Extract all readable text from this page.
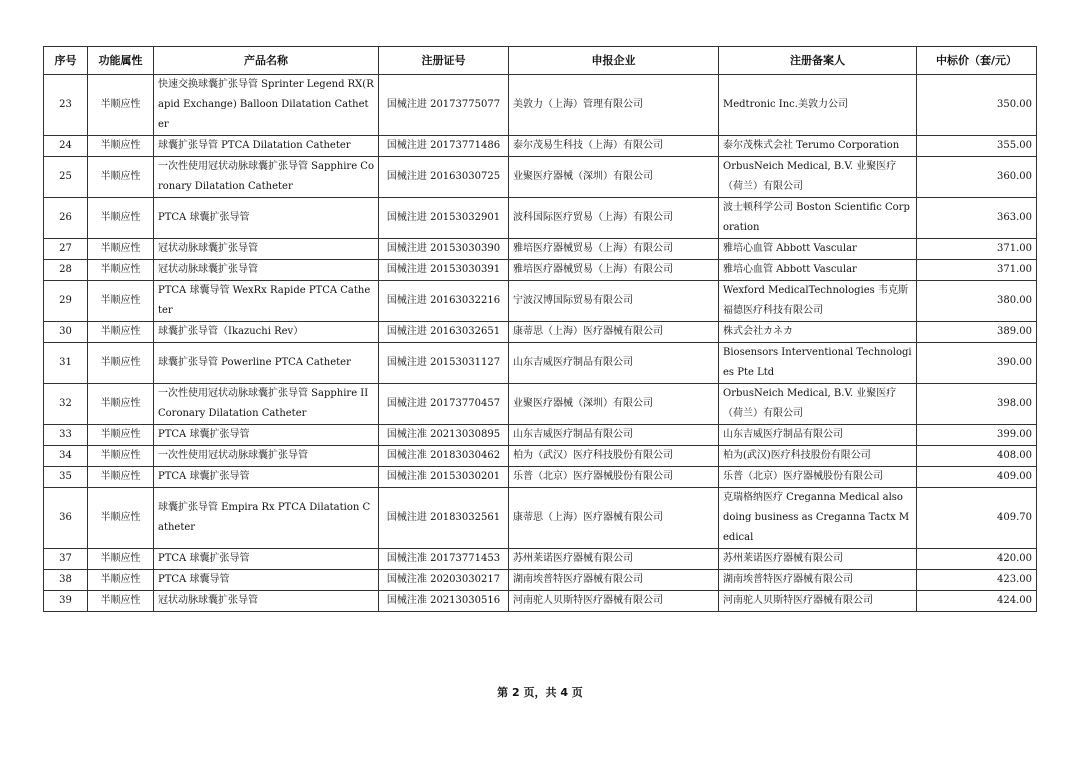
序号	功能属性	产品名称	注册证号	申报企业	注册备案人	中标价（套/元）
23	半顺应性	快速交换球囊扩张导管 Sprinter Legend RX(Rapid Exchange) Balloon Dilatation Catheter	国械注进 20173775077	美敦力（上海）管理有限公司	Medtronic Inc.美敦力公司	350.00
24	半顺应性	球囊扩张导管 PTCA Dilatation Catheter	国械注进 20173771486	泰尔茂易生科技（上海）有限公司	泰尔茂株式会社 Terumo Corporation	355.00
25	半顺应性	一次性使用冠状动脉球囊扩张导管 Sapphire Coronary Dilatation Catheter	国械注进 20163030725	业聚医疗器械（深圳）有限公司	OrbusNeich Medical, B.V. 业聚医疗（荷兰）有限公司	360.00
26	半顺应性	PTCA 球囊扩张导管	国械注进 20153032901	波科国际医疗贸易（上海）有限公司	波士顿科学公司 Boston Scientific Corporation	363.00
27	半顺应性	冠状动脉球囊扩张导管	国械注进 20153030390	雅培医疗器械贸易（上海）有限公司	雅培心血管 Abbott Vascular	371.00
28	半顺应性	冠状动脉球囊扩张导管	国械注进 20153030391	雅培医疗器械贸易（上海）有限公司	雅培心血管 Abbott Vascular	371.00
29	半顺应性	PTCA 球囊导管 WexRx Rapide PTCA Catheter	国械注进 20163032216	宁波汉博国际贸易有限公司	Wexford MedicalTechnologies 韦克斯福德医疗科技有限公司	380.00
30	半顺应性	球囊扩张导管（Ikazuchi Rev）	国械注进 20163032651	康蒂思（上海）医疗器械有限公司	株式会社カネカ	389.00
31	半顺应性	球囊扩张导管 Powerline PTCA Catheter	国械注进 20153031127	山东吉威医疗制品有限公司	Biosensors Interventional Technologies Pte Ltd	390.00
32	半顺应性	一次性使用冠状动脉球囊扩张导管 Sapphire II Coronary Dilatation Catheter	国械注进 20173770457	业聚医疗器械（深圳）有限公司	OrbusNeich Medical, B.V. 业聚医疗（荷兰）有限公司	398.00
33	半顺应性	PTCA 球囊扩张导管	国械注准 20213030895	山东吉威医疗制品有限公司	山东吉威医疗制品有限公司	399.00
34	半顺应性	一次性使用冠状动脉球囊扩张导管	国械注准 20183030462	柏为（武汉）医疗科技股份有限公司	柏为(武汉)医疗科技股份有限公司	408.00
35	半顺应性	PTCA 球囊扩张导管	国械注准 20153030201	乐普（北京）医疗器械股份有限公司	乐普（北京）医疗器械股份有限公司	409.00
36	半顺应性	球囊扩张导管 Empira Rx PTCA Dilatation Catheter	国械注进 20183032561	康蒂思（上海）医疗器械有限公司	克瑞格纳医疗 Creganna Medical also doing business as Creganna Tactx Medical	409.70
37	半顺应性	PTCA 球囊扩张导管	国械注准 20173771453	苏州莱诺医疗器械有限公司	苏州莱诺医疗器械有限公司	420.00
38	半顺应性	PTCA 球囊导管	国械注准 20203030217	湖南埃普特医疗器械有限公司	湖南埃普特医疗器械有限公司	423.00
39	半顺应性	冠状动脉球囊扩张导管	国械注准 20213030516	河南驼人贝斯特医疗器械有限公司	河南驼人贝斯特医疗器械有限公司	424.00
第 2 页，共 4 页
